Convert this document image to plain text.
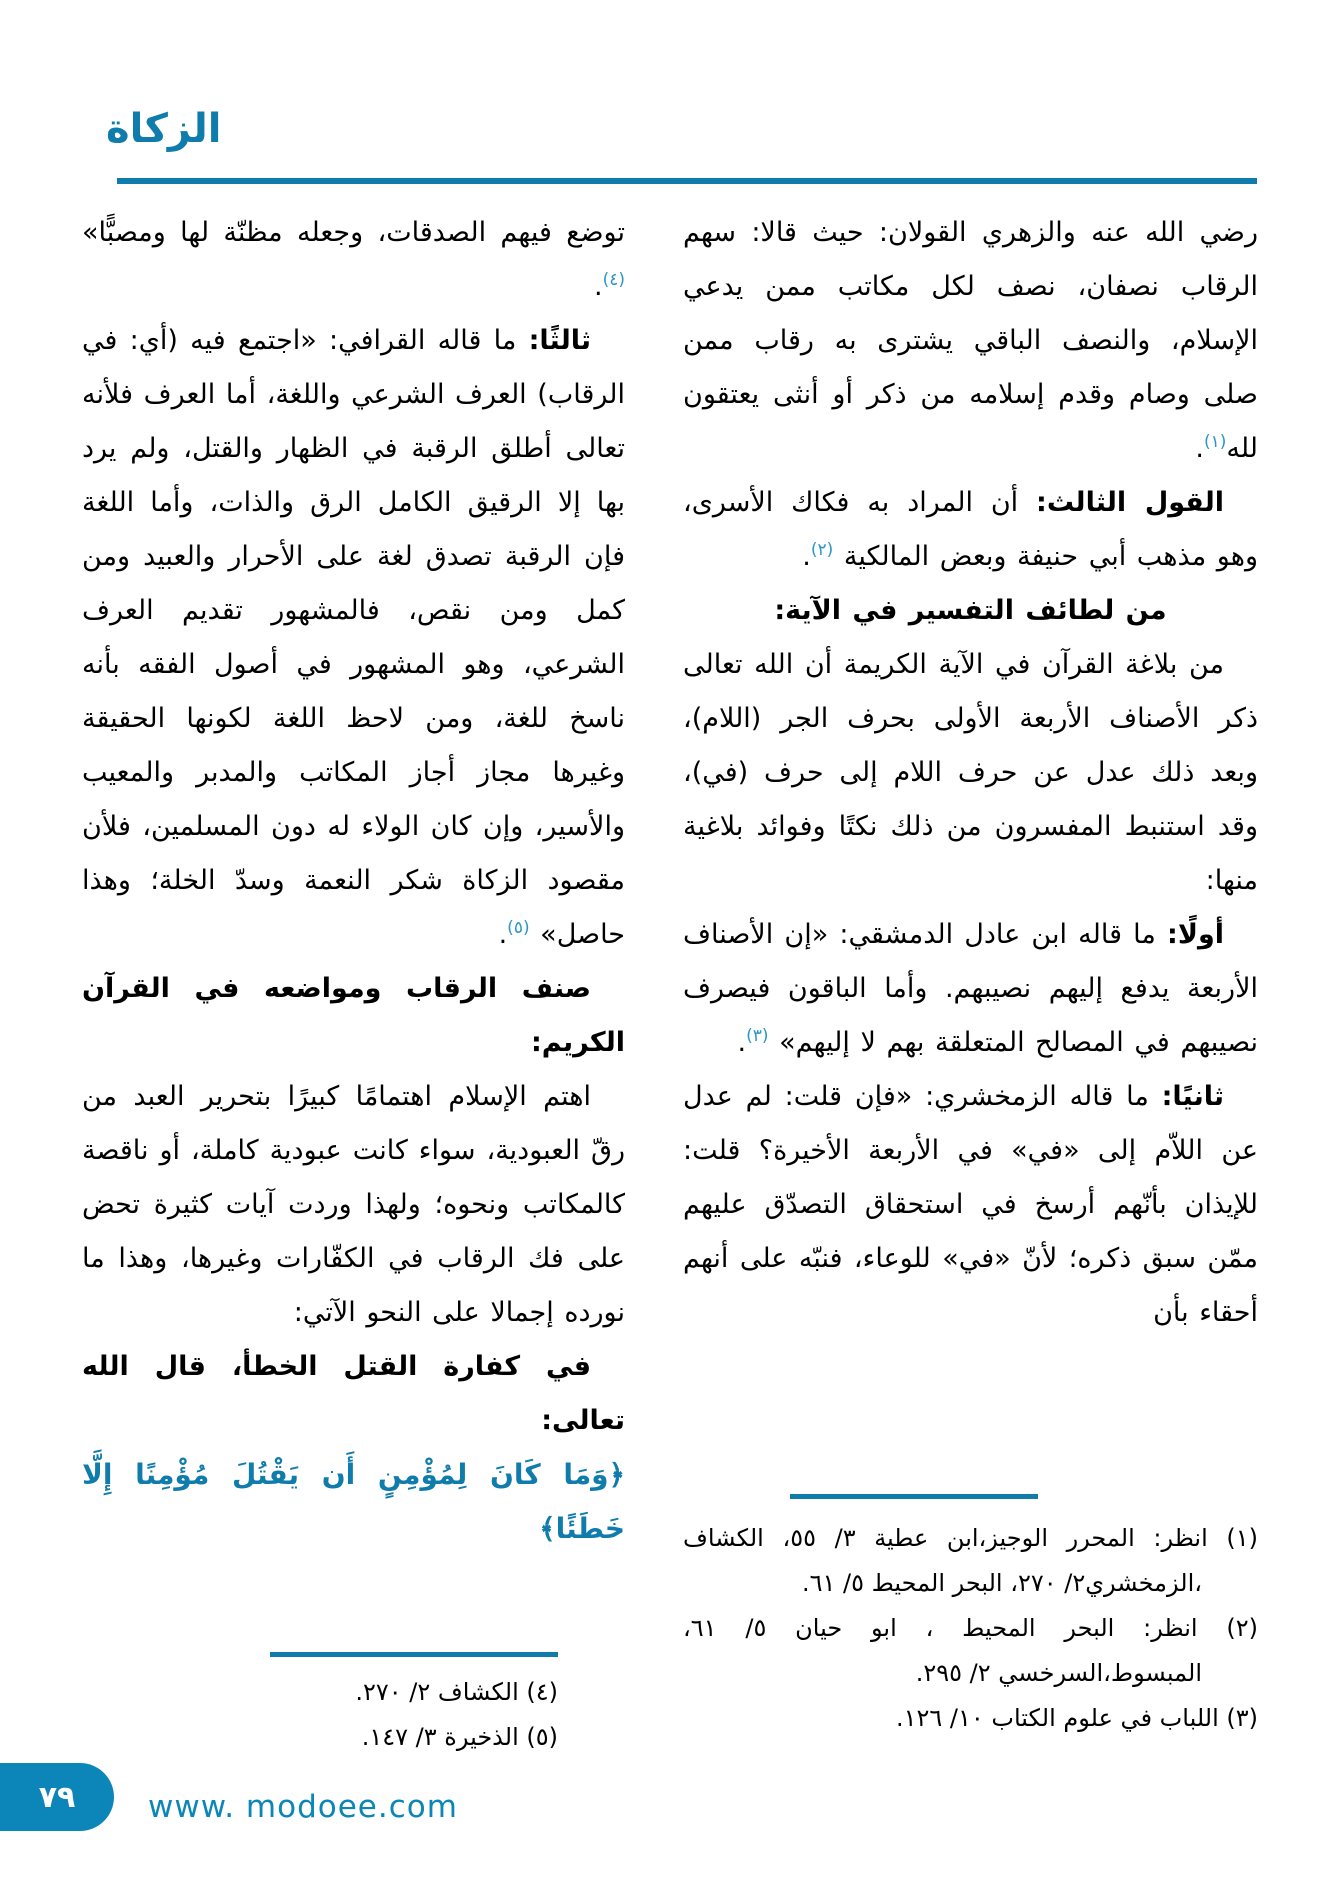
الزكاة

رضي الله عنه والزهري القولان: حيث قالا: سهم الرقاب نصفان، نصف لكل مكاتب ممن يدعي الإسلام، والنصف الباقي يشترى به رقاب ممن صلى وصام وقدم إسلامه من ذكر أو أنثى يعتقون لله$^{(١)}$.

القول الثالث: أن المراد به فكاك الأسرى، وهو مذهب أبي حنيفة وبعض المالكية $^{(٢)}$.

من لطائف التفسير في الآية:

من بلاغة القرآن في الآية الكريمة أن الله تعالى ذكر الأصناف الأربعة الأولى بحرف الجر (اللام)، وبعد ذلك عدل عن حرف اللام إلى حرف (في)، وقد استنبط المفسرون من ذلك نكتًا وفوائد بلاغية منها:

أولًا: ما قاله ابن عادل الدمشقي: «إن الأصناف الأربعة يدفع إليهم نصيبهم. وأما الباقون فيصرف نصيبهم في المصالح المتعلقة بهم لا إليهم» $^{(٣)}$.

ثانيًا: ما قاله الزمخشري: «فإن قلت: لم عدل عن اللاّم إلى «في» في الأربعة الأخيرة؟ قلت: للإيذان بأنّهم أرسخ في استحقاق التصدّق عليهم ممّن سبق ذكره؛ لأنّ «في» للوعاء، فنبّه على أنهم أحقاء بأن

توضع فيهم الصدقات، وجعله مظنّة لها ومصبًّا» $^{(٤)}$.

ثالثًا: ما قاله القرافي: «اجتمع فيه (أي: في الرقاب) العرف الشرعي واللغة، أما العرف فلأنه تعالى أطلق الرقبة في الظهار والقتل، ولم يرد بها إلا الرقيق الكامل الرق والذات، وأما اللغة فإن الرقبة تصدق لغة على الأحرار والعبيد ومن كمل ومن نقص، فالمشهور تقديم العرف الشرعي، وهو المشهور في أصول الفقه بأنه ناسخ للغة، ومن لاحظ اللغة لكونها الحقيقة وغيرها مجاز أجاز المكاتب والمدبر والمعيب والأسير، وإن كان الولاء له دون المسلمين، فلأن مقصود الزكاة شكر النعمة وسدّ الخلة؛ وهذا حاصل» $^{(٥)}$.

صنف الرقاب ومواضعه في القرآن الكريم:

اهتم الإسلام اهتمامًا كبيرًا بتحرير العبد من رقّ العبودية، سواء كانت عبودية كاملة، أو ناقصة كالمكاتب ونحوه؛ ولهذا وردت آيات كثيرة تحض على فك الرقاب في الكفّارات وغيرها، وهذا ما نورده إجمالا على النحو الآتي:

في كفارة القتل الخطأ، قال الله تعالى:

﴿وَمَا كَانَ لِمُؤْمِنٍ أَن يَقْتُلَ مُؤْمِنًا إِلَّا خَطَئًا﴾ (١) انظر: المحرر الوجيز،ابن عطية ٣/ ٥٥، الكشاف ،الزمخشري٢/ ٢٧٠، البحر المحيط ٥/ ٦١.

(٢) انظر: البحر المحيط ، ابو حيان ٥/ ٦١، المبسوط،السرخسي ٢/ ٢٩٥.

(٣) اللباب في علوم الكتاب ١٠/ ١٢٦.

(٤) الكشاف ٢/ ٢٧٠.

(٥) الذخيرة ٣/ ١٤٧.

٧٩ www. modoee.com
